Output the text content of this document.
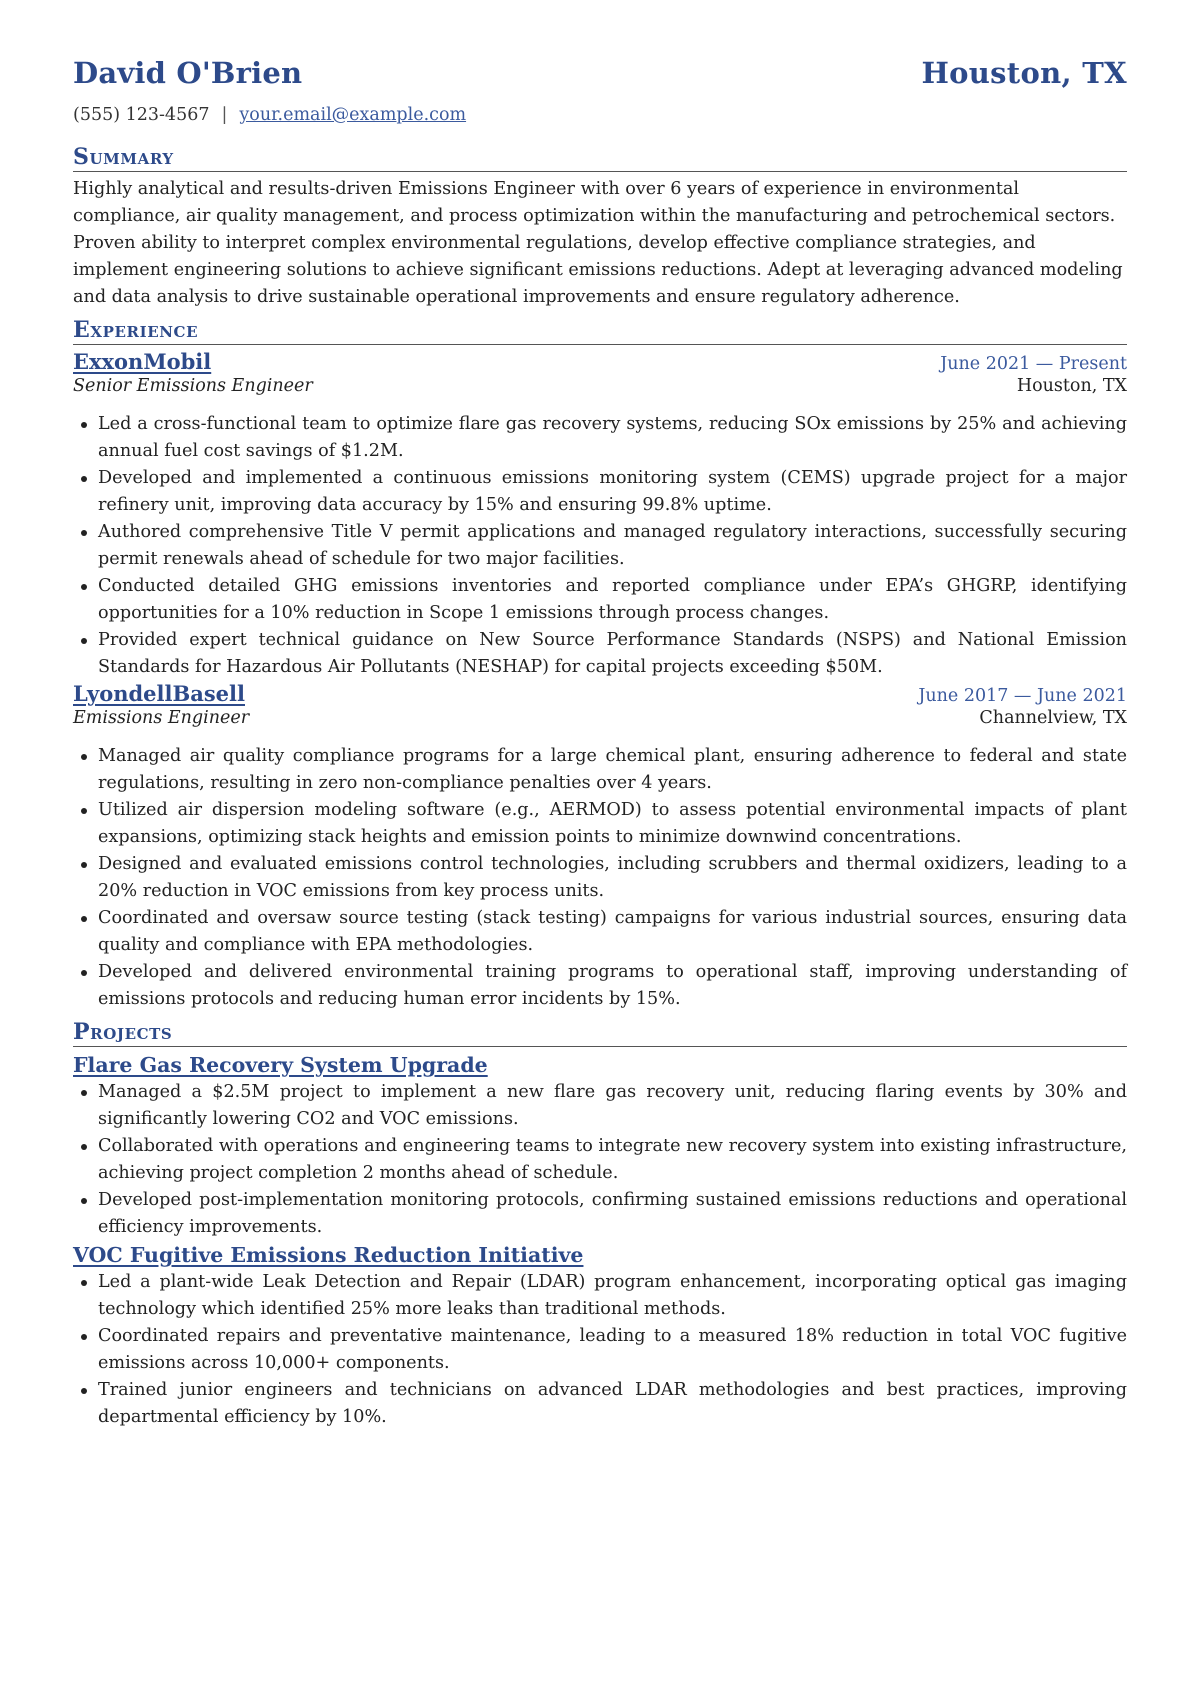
David O'Brien	Houston, TX
(555) 123-4567 | your.email@example.com
Summary

Highly analytical and results-driven Emissions Engineer with over 6 years of experience in environmental compliance, air quality management, and process optimization within the manufacturing and petrochemical sectors. Proven ability to interpret complex environmental regulations, develop effective compliance strategies, and implement engineering solutions to achieve significant emissions reductions. Adept at leveraging advanced modeling and data analysis to drive sustainable operational improvements and ensure regulatory adherence.

Experience
ExxonMobil	June 2021 — Present
Senior Emissions Engineer	Houston, TX
Led a cross-functional team to optimize flare gas recovery systems, reducing SOx emissions by 25% and achieving annual fuel cost savings of $1.2M.
Developed and implemented a continuous emissions monitoring system (CEMS) upgrade project for a major refinery unit, improving data accuracy by 15% and ensuring 99.8% uptime.
Authored comprehensive Title V permit applications and managed regulatory interactions, successfully securing permit renewals ahead of schedule for two major facilities.
Conducted detailed GHG emissions inventories and reported compliance under EPA’s GHGRP, identifying opportunities for a 10% reduction in Scope 1 emissions through process changes.
Provided expert technical guidance on New Source Performance Standards (NSPS) and National Emission Standards for Hazardous Air Pollutants (NESHAP) for capital projects exceeding $50M.
LyondellBasell	June 2017 — June 2021
Emissions Engineer	Channelview, TX
Managed air quality compliance programs for a large chemical plant, ensuring adherence to federal and state regulations, resulting in zero non-compliance penalties over 4 years.
Utilized air dispersion modeling software (e.g., AERMOD) to assess potential environmental impacts of plant expansions, optimizing stack heights and emission points to minimize downwind concentrations.
Designed and evaluated emissions control technologies, including scrubbers and thermal oxidizers, leading to a 20% reduction in VOC emissions from key process units.
Coordinated and oversaw source testing (stack testing) campaigns for various industrial sources, ensuring data quality and compliance with EPA methodologies.
Developed and delivered environmental training programs to operational staff, improving understanding of emissions protocols and reducing human error incidents by 15%.
Projects
Flare Gas Recovery System Upgrade
Managed a $2.5M project to implement a new flare gas recovery unit, reducing flaring events by 30% and significantly lowering CO2 and VOC emissions.
Collaborated with operations and engineering teams to integrate new recovery system into existing infrastructure, achieving project completion 2 months ahead of schedule.
Developed post-implementation monitoring protocols, confirming sustained emissions reductions and operational efficiency improvements.
VOC Fugitive Emissions Reduction Initiative
Led a plant-wide Leak Detection and Repair (LDAR) program enhancement, incorporating optical gas imaging technology which identified 25% more leaks than traditional methods.
Coordinated repairs and preventative maintenance, leading to a measured 18% reduction in total VOC fugitive emissions across 10,000+ components.
Trained junior engineers and technicians on advanced LDAR methodologies and best practices, improving departmental efficiency by 10%.
